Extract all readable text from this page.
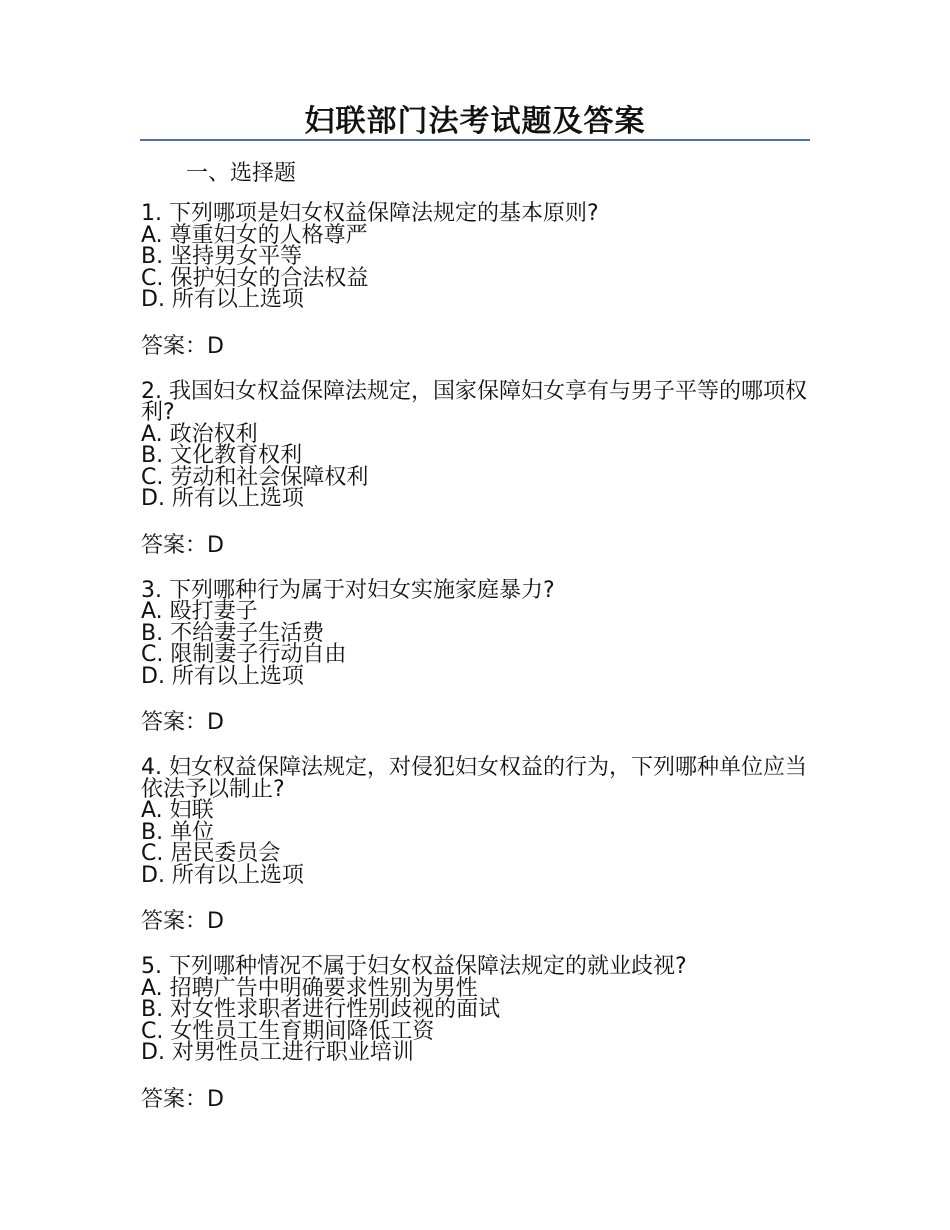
妇联部门法考试题及答案
一、选择题

1. 下列哪项是妇女权益保障法规定的基本原则?

A. 尊重妇女的人格尊严

B. 坚持男女平等

C. 保护妇女的合法权益

D. 所有以上选项

答案：D

2. 我国妇女权益保障法规定，国家保障妇女享有与男子平等的哪项权利?

A. 政治权利

B. 文化教育权利

C. 劳动和社会保障权利

D. 所有以上选项

答案：D

3. 下列哪种行为属于对妇女实施家庭暴力?

A. 殴打妻子

B. 不给妻子生活费

C. 限制妻子行动自由

D. 所有以上选项

答案：D

4. 妇女权益保障法规定，对侵犯妇女权益的行为，下列哪种单位应当依法予以制止?

A. 妇联

B. 单位

C. 居民委员会

D. 所有以上选项

答案：D

5. 下列哪种情况不属于妇女权益保障法规定的就业歧视?

A. 招聘广告中明确要求性别为男性

B. 对女性求职者进行性别歧视的面试

C. 女性员工生育期间降低工资

D. 对男性员工进行职业培训

答案：D
